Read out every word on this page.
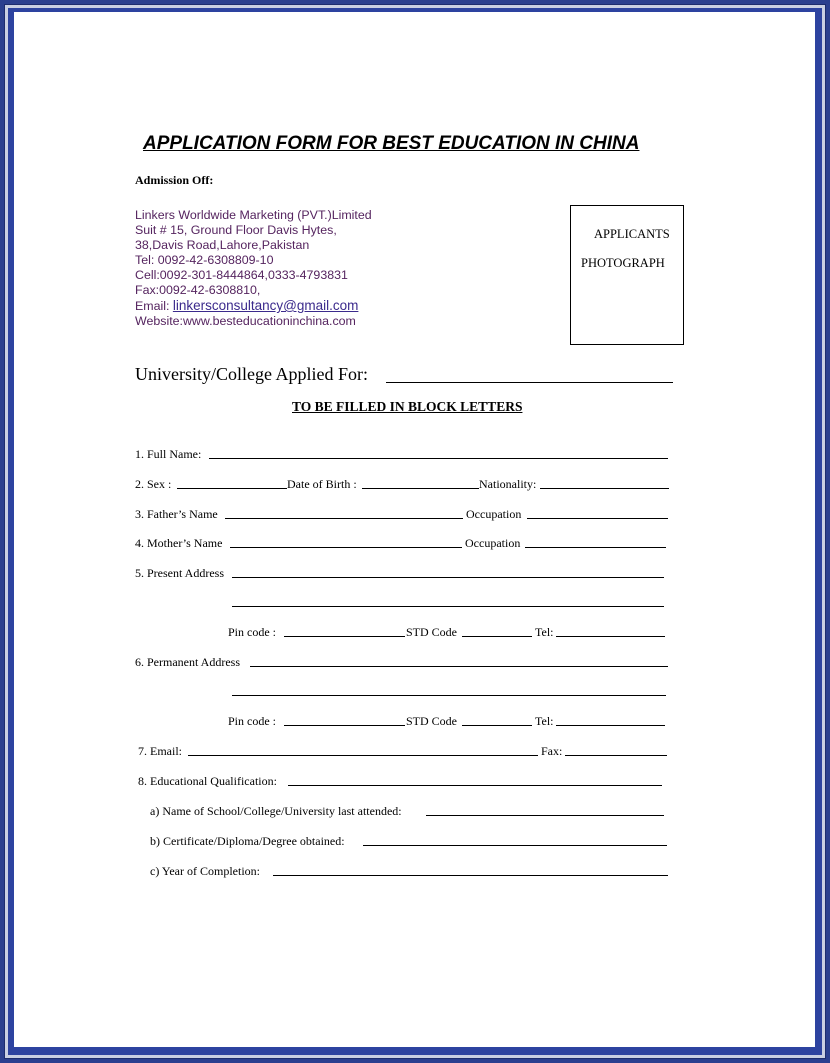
APPLICATION FORM FOR BEST EDUCATION IN CHINA
Admission Off:
Linkers Worldwide Marketing (PVT.)Limited
Suit # 15, Ground Floor Davis Hytes,
38,Davis Road,Lahore,Pakistan
Tel: 0092-42-6308809-10
Cell:0092-301-8444864,0333-4793831
Fax:0092-42-6308810,
Email: linkersconsultancy@gmail.com
Website:www.besteducationinchina.com
APPLICANTS
PHOTOGRAPH
University/College Applied For:
TO BE FILLED IN BLOCK LETTERS
1. Full Name:
2. Sex :	Date of Birth :	Nationality:
3. Father’s Name	Occupation
4. Mother’s Name	Occupation
5. Present Address
Pin code :	STD Code	Tel:
6. Permanent Address
Pin code :	STD Code	Tel:
7. Email:	Fax:
8. Educational Qualification:
a) Name of School/College/University last attended:
b) Certificate/Diploma/Degree obtained:
c) Year of Completion:
